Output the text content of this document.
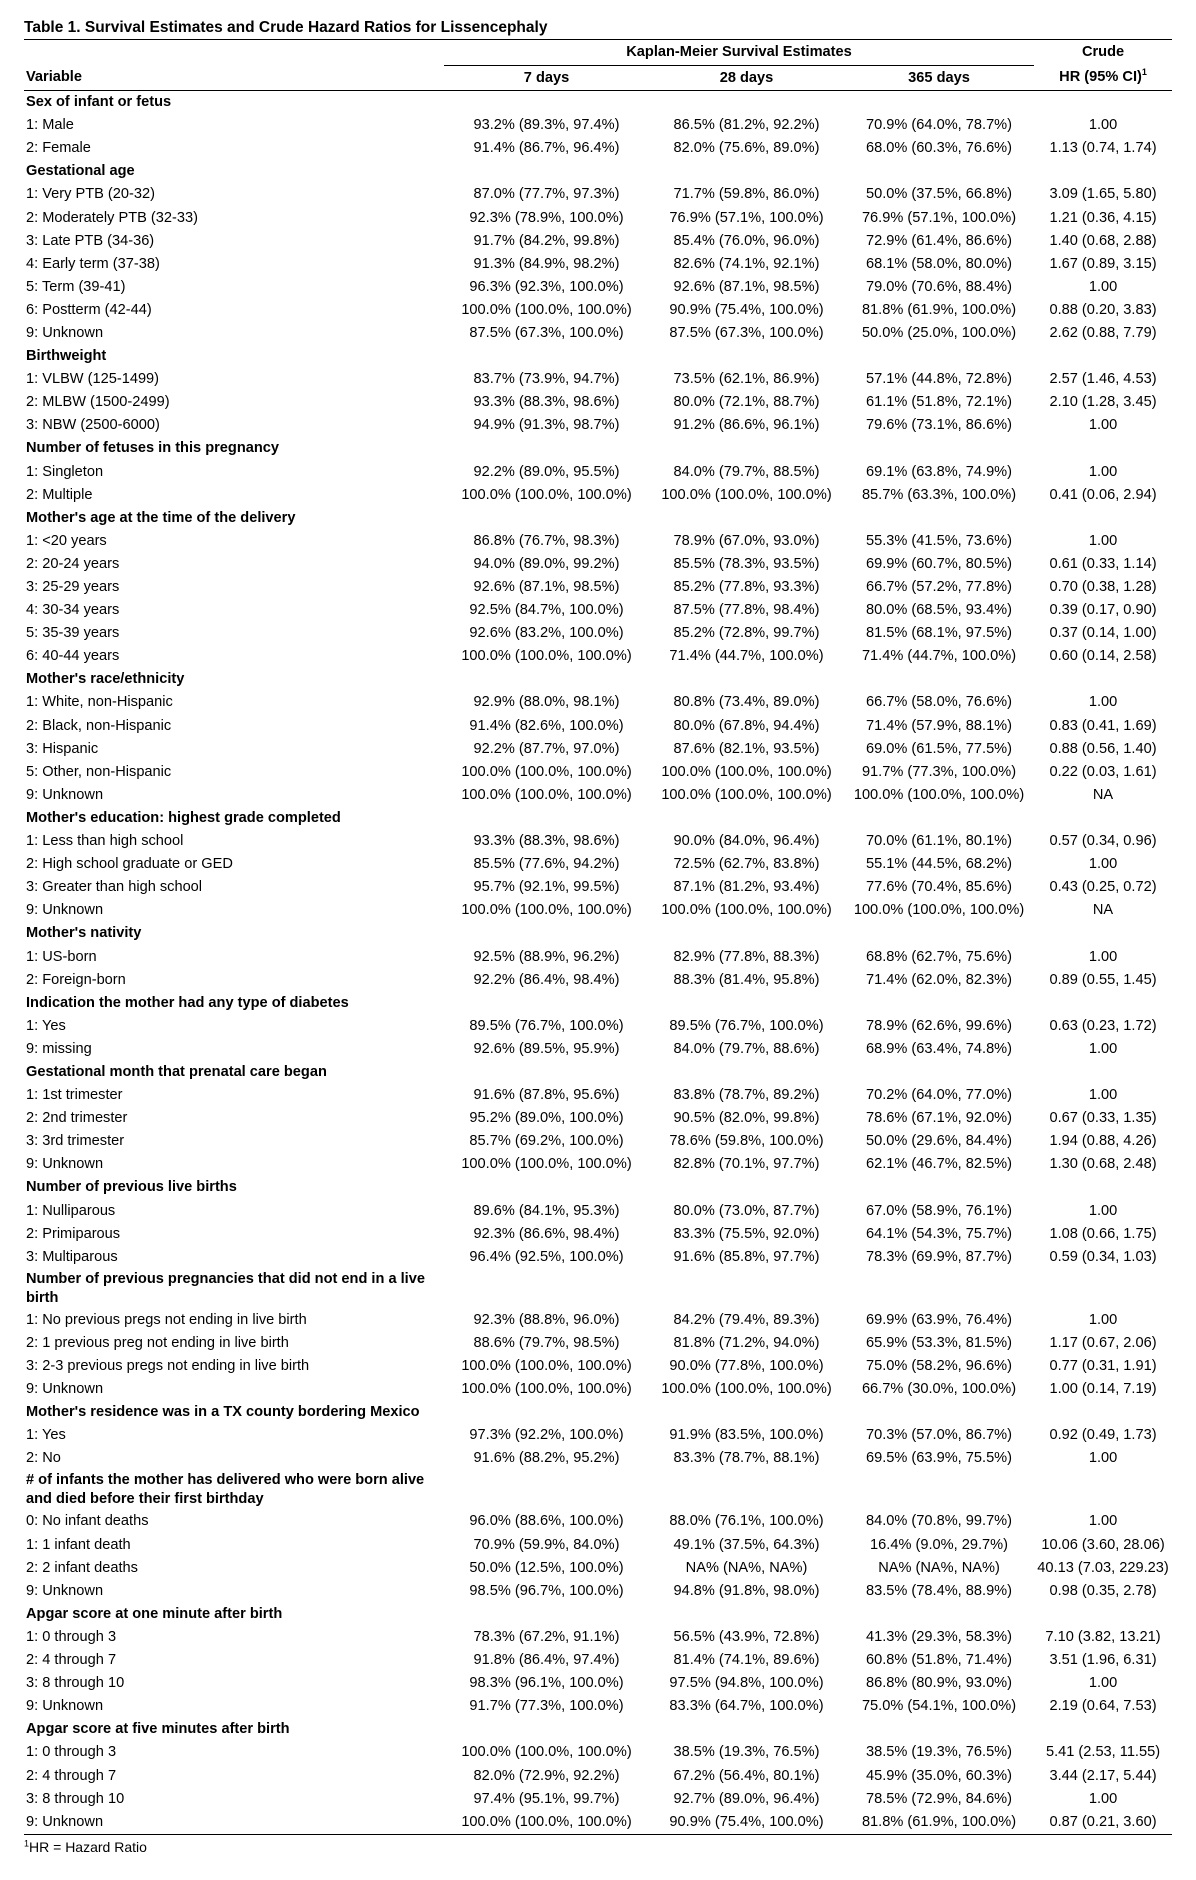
Table 1. Survival Estimates and Crude Hazard Ratios for Lissencephaly
	Kaplan-Meier Survival Estimates			Crude
Variable	7 days	28 days	365 days	HR (95% CI)$^1$
Sex of infant or fetus				
1: Male	93.2% (89.3%, 97.4%)	86.5% (81.2%, 92.2%)	70.9% (64.0%, 78.7%)	1.00
2: Female	91.4% (86.7%, 96.4%)	82.0% (75.6%, 89.0%)	68.0% (60.3%, 76.6%)	1.13 (0.74, 1.74)
Gestational age				
1: Very PTB (20-32)	87.0% (77.7%, 97.3%)	71.7% (59.8%, 86.0%)	50.0% (37.5%, 66.8%)	3.09 (1.65, 5.80)
2: Moderately PTB (32-33)	92.3% (78.9%, 100.0%)	76.9% (57.1%, 100.0%)	76.9% (57.1%, 100.0%)	1.21 (0.36, 4.15)
3: Late PTB (34-36)	91.7% (84.2%, 99.8%)	85.4% (76.0%, 96.0%)	72.9% (61.4%, 86.6%)	1.40 (0.68, 2.88)
4: Early term (37-38)	91.3% (84.9%, 98.2%)	82.6% (74.1%, 92.1%)	68.1% (58.0%, 80.0%)	1.67 (0.89, 3.15)
5: Term (39-41)	96.3% (92.3%, 100.0%)	92.6% (87.1%, 98.5%)	79.0% (70.6%, 88.4%)	1.00
6: Postterm (42-44)	100.0% (100.0%, 100.0%)	90.9% (75.4%, 100.0%)	81.8% (61.9%, 100.0%)	0.88 (0.20, 3.83)
9: Unknown	87.5% (67.3%, 100.0%)	87.5% (67.3%, 100.0%)	50.0% (25.0%, 100.0%)	2.62 (0.88, 7.79)
Birthweight				
1: VLBW (125-1499)	83.7% (73.9%, 94.7%)	73.5% (62.1%, 86.9%)	57.1% (44.8%, 72.8%)	2.57 (1.46, 4.53)
2: MLBW (1500-2499)	93.3% (88.3%, 98.6%)	80.0% (72.1%, 88.7%)	61.1% (51.8%, 72.1%)	2.10 (1.28, 3.45)
3: NBW (2500-6000)	94.9% (91.3%, 98.7%)	91.2% (86.6%, 96.1%)	79.6% (73.1%, 86.6%)	1.00
Number of fetuses in this pregnancy				
1: Singleton	92.2% (89.0%, 95.5%)	84.0% (79.7%, 88.5%)	69.1% (63.8%, 74.9%)	1.00
2: Multiple	100.0% (100.0%, 100.0%)	100.0% (100.0%, 100.0%)	85.7% (63.3%, 100.0%)	0.41 (0.06, 2.94)
Mother's age at the time of the delivery				
1: <20 years	86.8% (76.7%, 98.3%)	78.9% (67.0%, 93.0%)	55.3% (41.5%, 73.6%)	1.00
2: 20-24 years	94.0% (89.0%, 99.2%)	85.5% (78.3%, 93.5%)	69.9% (60.7%, 80.5%)	0.61 (0.33, 1.14)
3: 25-29 years	92.6% (87.1%, 98.5%)	85.2% (77.8%, 93.3%)	66.7% (57.2%, 77.8%)	0.70 (0.38, 1.28)
4: 30-34 years	92.5% (84.7%, 100.0%)	87.5% (77.8%, 98.4%)	80.0% (68.5%, 93.4%)	0.39 (0.17, 0.90)
5: 35-39 years	92.6% (83.2%, 100.0%)	85.2% (72.8%, 99.7%)	81.5% (68.1%, 97.5%)	0.37 (0.14, 1.00)
6: 40-44 years	100.0% (100.0%, 100.0%)	71.4% (44.7%, 100.0%)	71.4% (44.7%, 100.0%)	0.60 (0.14, 2.58)
Mother's race/ethnicity				
1: White, non-Hispanic	92.9% (88.0%, 98.1%)	80.8% (73.4%, 89.0%)	66.7% (58.0%, 76.6%)	1.00
2: Black, non-Hispanic	91.4% (82.6%, 100.0%)	80.0% (67.8%, 94.4%)	71.4% (57.9%, 88.1%)	0.83 (0.41, 1.69)
3: Hispanic	92.2% (87.7%, 97.0%)	87.6% (82.1%, 93.5%)	69.0% (61.5%, 77.5%)	0.88 (0.56, 1.40)
5: Other, non-Hispanic	100.0% (100.0%, 100.0%)	100.0% (100.0%, 100.0%)	91.7% (77.3%, 100.0%)	0.22 (0.03, 1.61)
9: Unknown	100.0% (100.0%, 100.0%)	100.0% (100.0%, 100.0%)	100.0% (100.0%, 100.0%)	NA
Mother's education: highest grade completed				
1: Less than high school	93.3% (88.3%, 98.6%)	90.0% (84.0%, 96.4%)	70.0% (61.1%, 80.1%)	0.57 (0.34, 0.96)
2: High school graduate or GED	85.5% (77.6%, 94.2%)	72.5% (62.7%, 83.8%)	55.1% (44.5%, 68.2%)	1.00
3: Greater than high school	95.7% (92.1%, 99.5%)	87.1% (81.2%, 93.4%)	77.6% (70.4%, 85.6%)	0.43 (0.25, 0.72)
9: Unknown	100.0% (100.0%, 100.0%)	100.0% (100.0%, 100.0%)	100.0% (100.0%, 100.0%)	NA
Mother's nativity				
1: US-born	92.5% (88.9%, 96.2%)	82.9% (77.8%, 88.3%)	68.8% (62.7%, 75.6%)	1.00
2: Foreign-born	92.2% (86.4%, 98.4%)	88.3% (81.4%, 95.8%)	71.4% (62.0%, 82.3%)	0.89 (0.55, 1.45)
Indication the mother had any type of diabetes				
1: Yes	89.5% (76.7%, 100.0%)	89.5% (76.7%, 100.0%)	78.9% (62.6%, 99.6%)	0.63 (0.23, 1.72)
9: missing	92.6% (89.5%, 95.9%)	84.0% (79.7%, 88.6%)	68.9% (63.4%, 74.8%)	1.00
Gestational month that prenatal care began				
1: 1st trimester	91.6% (87.8%, 95.6%)	83.8% (78.7%, 89.2%)	70.2% (64.0%, 77.0%)	1.00
2: 2nd trimester	95.2% (89.0%, 100.0%)	90.5% (82.0%, 99.8%)	78.6% (67.1%, 92.0%)	0.67 (0.33, 1.35)
3: 3rd trimester	85.7% (69.2%, 100.0%)	78.6% (59.8%, 100.0%)	50.0% (29.6%, 84.4%)	1.94 (0.88, 4.26)
9: Unknown	100.0% (100.0%, 100.0%)	82.8% (70.1%, 97.7%)	62.1% (46.7%, 82.5%)	1.30 (0.68, 2.48)
Number of previous live births				
1: Nulliparous	89.6% (84.1%, 95.3%)	80.0% (73.0%, 87.7%)	67.0% (58.9%, 76.1%)	1.00
2: Primiparous	92.3% (86.6%, 98.4%)	83.3% (75.5%, 92.0%)	64.1% (54.3%, 75.7%)	1.08 (0.66, 1.75)
3: Multiparous	96.4% (92.5%, 100.0%)	91.6% (85.8%, 97.7%)	78.3% (69.9%, 87.7%)	0.59 (0.34, 1.03)
Number of previous pregnancies that did not end in a live birth				
1: No previous pregs not ending in live birth	92.3% (88.8%, 96.0%)	84.2% (79.4%, 89.3%)	69.9% (63.9%, 76.4%)	1.00
2: 1 previous preg not ending in live birth	88.6% (79.7%, 98.5%)	81.8% (71.2%, 94.0%)	65.9% (53.3%, 81.5%)	1.17 (0.67, 2.06)
3: 2-3 previous pregs not ending in live birth	100.0% (100.0%, 100.0%)	90.0% (77.8%, 100.0%)	75.0% (58.2%, 96.6%)	0.77 (0.31, 1.91)
9: Unknown	100.0% (100.0%, 100.0%)	100.0% (100.0%, 100.0%)	66.7% (30.0%, 100.0%)	1.00 (0.14, 7.19)
Mother's residence was in a TX county bordering Mexico				
1: Yes	97.3% (92.2%, 100.0%)	91.9% (83.5%, 100.0%)	70.3% (57.0%, 86.7%)	0.92 (0.49, 1.73)
2: No	91.6% (88.2%, 95.2%)	83.3% (78.7%, 88.1%)	69.5% (63.9%, 75.5%)	1.00
# of infants the mother has delivered who were born alive and died before their first birthday				
0: No infant deaths	96.0% (88.6%, 100.0%)	88.0% (76.1%, 100.0%)	84.0% (70.8%, 99.7%)	1.00
1: 1 infant death	70.9% (59.9%, 84.0%)	49.1% (37.5%, 64.3%)	16.4% (9.0%, 29.7%)	10.06 (3.60, 28.06)
2: 2 infant deaths	50.0% (12.5%, 100.0%)	NA% (NA%, NA%)	NA% (NA%, NA%)	40.13 (7.03, 229.23)
9: Unknown	98.5% (96.7%, 100.0%)	94.8% (91.8%, 98.0%)	83.5% (78.4%, 88.9%)	0.98 (0.35, 2.78)
Apgar score at one minute after birth				
1: 0 through 3	78.3% (67.2%, 91.1%)	56.5% (43.9%, 72.8%)	41.3% (29.3%, 58.3%)	7.10 (3.82, 13.21)
2: 4 through 7	91.8% (86.4%, 97.4%)	81.4% (74.1%, 89.6%)	60.8% (51.8%, 71.4%)	3.51 (1.96, 6.31)
3: 8 through 10	98.3% (96.1%, 100.0%)	97.5% (94.8%, 100.0%)	86.8% (80.9%, 93.0%)	1.00
9: Unknown	91.7% (77.3%, 100.0%)	83.3% (64.7%, 100.0%)	75.0% (54.1%, 100.0%)	2.19 (0.64, 7.53)
Apgar score at five minutes after birth				
1: 0 through 3	100.0% (100.0%, 100.0%)	38.5% (19.3%, 76.5%)	38.5% (19.3%, 76.5%)	5.41 (2.53, 11.55)
2: 4 through 7	82.0% (72.9%, 92.2%)	67.2% (56.4%, 80.1%)	45.9% (35.0%, 60.3%)	3.44 (2.17, 5.44)
3: 8 through 10	97.4% (95.1%, 99.7%)	92.7% (89.0%, 96.4%)	78.5% (72.9%, 84.6%)	1.00
9: Unknown	100.0% (100.0%, 100.0%)	90.9% (75.4%, 100.0%)	81.8% (61.9%, 100.0%)	0.87 (0.21, 3.60)
$^1$HR = Hazard Ratio
